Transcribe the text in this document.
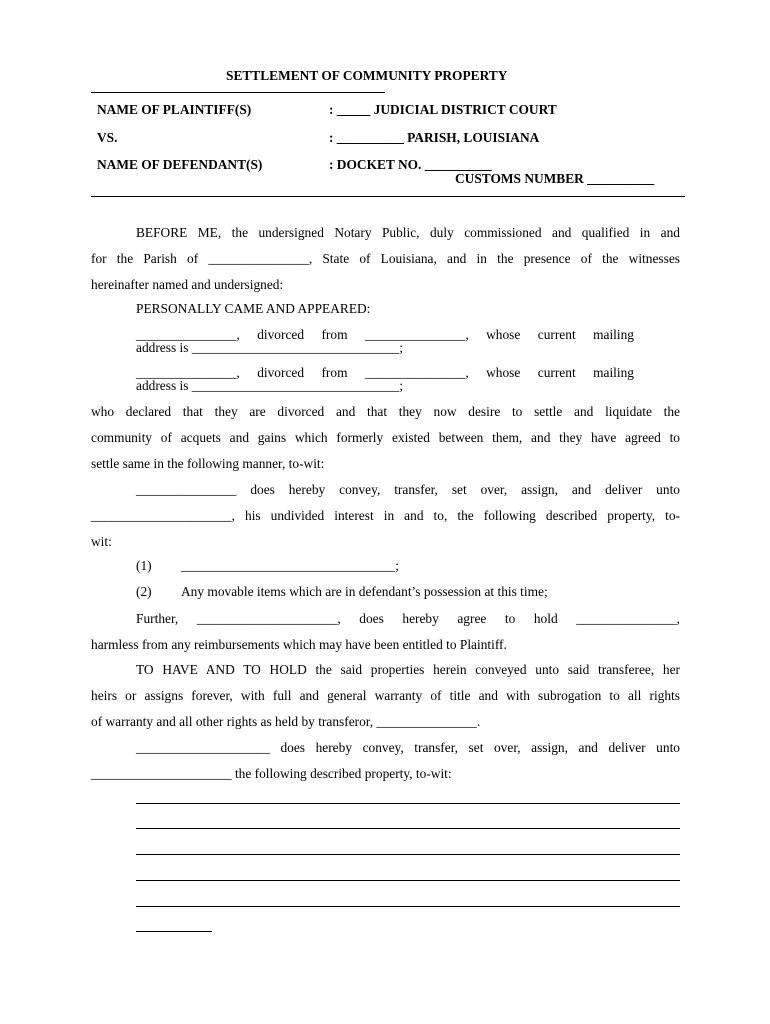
SETTLEMENT OF COMMUNITY PROPERTY
NAME OF PLAINTIFF(S)	: _____ JUDICIAL DISTRICT COURT
VS.	: __________ PARISH, LOUISIANA
NAME OF DEFENDANT(S)	: DOCKET NO. __________
CUSTOMS NUMBER __________
BEFORE ME, the undersigned Notary Public, duly commissioned and qualified in and
for the Parish of _______________, State of Louisiana, and in the presence of the witnesses
hereinafter named and undersigned:
PERSONALLY CAME AND APPEARED:
_______________, divorced from _______________, whose current mailing
address is _______________________________;
_______________, divorced from _______________, whose current mailing
address is _______________________________;
who declared that they are divorced and that they now desire to settle and liquidate the
community of acquets and gains which formerly existed between them, and they have agreed to
settle same in the following manner, to-wit:
_______________ does hereby convey, transfer, set over, assign, and deliver unto
_____________________, his undivided interest in and to, the following described property, to-
wit:
(1) ________________________________;
(2) Any movable items which are in defendant’s possession at this time;
Further, _____________________, does hereby agree to hold _______________,
harmless from any reimbursements which may have been entitled to Plaintiff.
TO HAVE AND TO HOLD the said properties herein conveyed unto said transferee, her
heirs or assigns forever, with full and general warranty of title and with subrogation to all rights
of warranty and all other rights as held by transferor, _______________.
____________________ does hereby convey, transfer, set over, assign, and deliver unto
_____________________ the following described property, to-wit:
